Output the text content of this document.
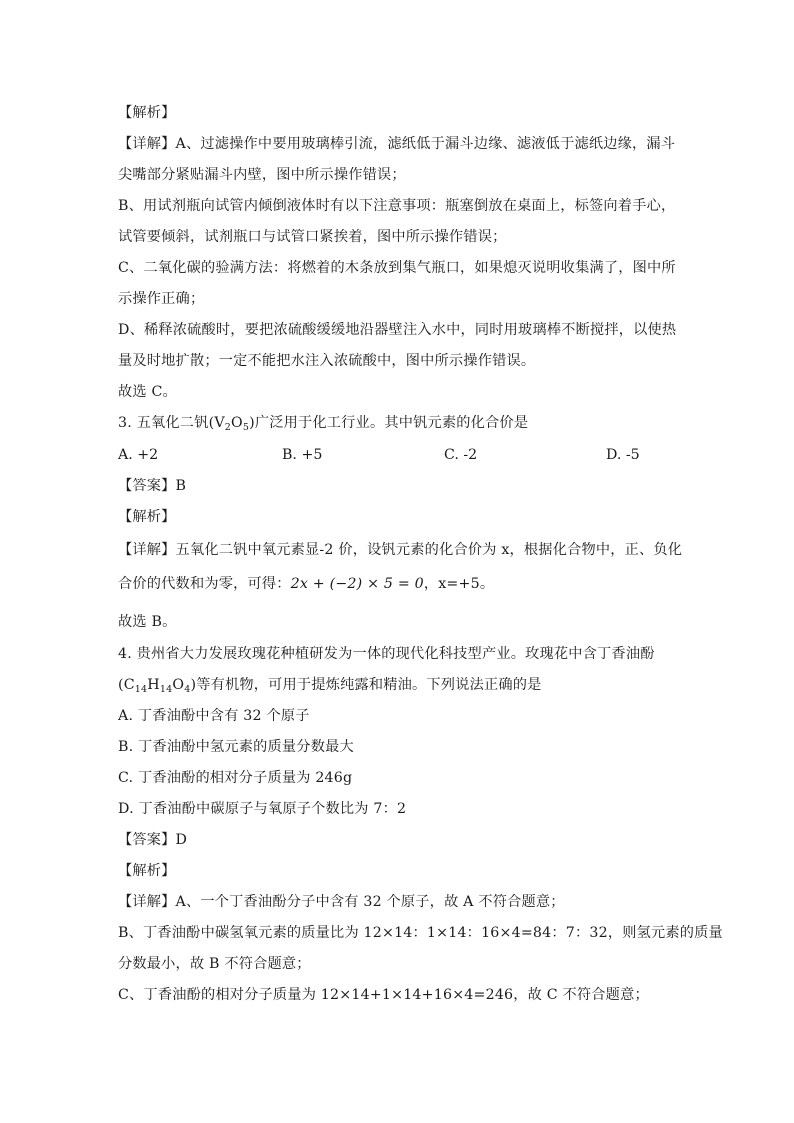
【解析】
【详解】A、过滤操作中要用玻璃棒引流，滤纸低于漏斗边缘、滤液低于滤纸边缘，漏斗
尖嘴部分紧贴漏斗内壁，图中所示操作错误；
B、用试剂瓶向试管内倾倒液体时有以下注意事项：瓶塞倒放在桌面上，标签向着手心，
试管要倾斜，试剂瓶口与试管口紧挨着，图中所示操作错误；
C、二氧化碳的验满方法：将燃着的木条放到集气瓶口，如果熄灭说明收集满了，图中所
示操作正确；
D、稀释浓硫酸时，要把浓硫酸缓缓地沿器壁注入水中，同时用玻璃棒不断搅拌，以使热
量及时地扩散；一定不能把水注入浓硫酸中，图中所示操作错误。
故选 C。
3. 五氧化二钒$(V_2O_5)$广泛用于化工行业。其中钒元素的化合价是
A. +2	B. +5	C. -2	D. -5
【答案】B
【解析】
【详解】五氧化二钒中氧元素显-2 价，设钒元素的化合价为 x，根据化合物中，正、负化
合价的代数和为零，可得：2x + (−2) × 5 = 0，x=+5。
故选 B。
4. 贵州省大力发展玫瑰花种植研发为一体的现代化科技型产业。玫瑰花中含丁香油酚
$(C_{14}H_{14}O_4)$等有机物，可用于提炼纯露和精油。下列说法正确的是
A. 丁香油酚中含有 32 个原子
B. 丁香油酚中氢元素的质量分数最大
C. 丁香油酚的相对分子质量为 246g
D. 丁香油酚中碳原子与氧原子个数比为 7：2
【答案】D
【解析】
【详解】A、一个丁香油酚分子中含有 32 个原子，故 A 不符合题意；
B、丁香油酚中碳氢氧元素的质量比为 12×14：1×14：16×4=84：7：32，则氢元素的质量
分数最小，故 B 不符合题意；
C、丁香油酚的相对分子质量为 12×14+1×14+16×4=246，故 C 不符合题意；
